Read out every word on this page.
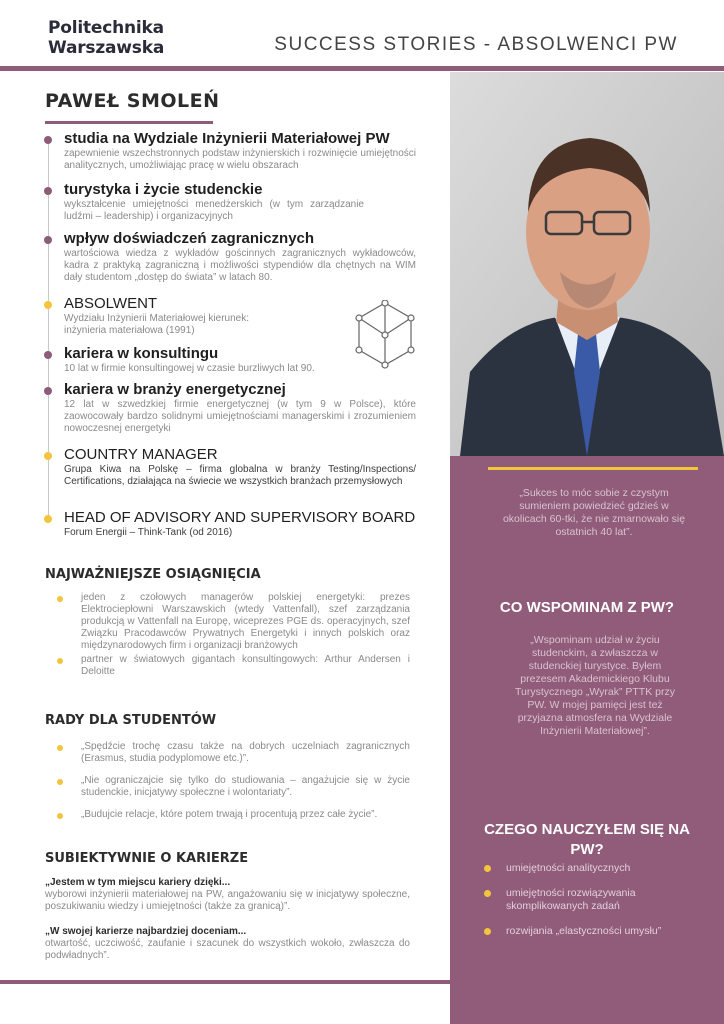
Politechnika
Warszawska	SUCCESS STORIES - ABSOLWENCI PW
„Sukces to móc sobie z czystym sumieniem powiedzieć gdzieś w okolicach 60-tki, że nie zmarnowało się ostatnich 40 lat”.
CO WSPOMINAM Z PW?
„Wspominam udział w życiu studenckim, a zwłaszcza w studenckiej turystyce. Byłem prezesem Akademickiego Klubu Turystycznego „Wyrak” PTTK przy PW. W mojej pamięci jest też przyjazna atmosfera na Wydziale Inżynierii Materiałowej”.
CZEGO NAUCZYŁEM SIĘ NA PW?
umiejętności analitycznych
umiejętności rozwiązywania skomplikowanych zadań
rozwijania „elastyczności umysłu”
PAWEŁ SMOLEŃ
studia na Wydziale Inżynierii Materiałowej PW
zapewnienie wszechstronnych podstaw inżynierskich i rozwinięcie umiejętności analitycznych, umożliwiając pracę w wielu obszarach
turystyka i życie studenckie
wykształcenie umiejętności menedżerskich (w tym zarządzanie ludźmi – leadership) i organizacyjnych
wpływ doświadczeń zagranicznych
wartościowa wiedza z wykładów gościnnych zagranicznych wykładowców, kadra z praktyką zagraniczną i możliwości stypendiów dla chętnych na WIM dały studentom „dostęp do świata” w latach 80.
ABSOLWENT
Wydziału Inżynierii Materiałowej kierunek: inżynieria materiałowa (1991)
kariera w konsultingu
10 lat w firmie konsultingowej w czasie burzliwych lat 90.
kariera w branży energetycznej
12 lat w szwedzkiej firmie energetycznej (w tym 9 w Polsce), które zaowocowały bardzo solidnymi umiejętnościami managerskimi i zrozumieniem nowoczesnej energetyki
COUNTRY MANAGER
Grupa Kiwa na Polskę – firma globalna w branży Testing/Inspections/ Certifications, działająca na świecie we wszystkich branżach przemysłowych
HEAD OF ADVISORY AND SUPERVISORY BOARD
Forum Energii – Think-Tank (od 2016)
NAJWAŻNIEJSZE OSIĄGNIĘCIA
jeden z czołowych managerów polskiej energetyki: prezes Elektrociepłowni Warszawskich (wtedy Vattenfall), szef zarządzania produkcją w Vattenfall na Europę, wiceprezes PGE ds. operacyjnych, szef Związku Pracodawców Prywatnych Energetyki i innych polskich oraz międzynarodowych firm i organizacji branżowych
partner w światowych gigantach konsultingowych: Arthur Andersen i Deloitte
RADY DLA STUDENTÓW
„Spędźcie trochę czasu także na dobrych uczelniach zagranicznych (Erasmus, studia podyplomowe etc.)”.
„Nie ograniczajcie się tylko do studiowania – angażujcie się w życie studenckie, inicjatywy społeczne i wolontariaty”.
„Budujcie relacje, które potem trwają i procentują przez całe życie”.
SUBIEKTYWNIE O KARIERZE
„Jestem w tym miejscu kariery dzięki...
wyborowi inżynierii materiałowej na PW, angażowaniu się w inicjatywy społeczne, poszukiwaniu wiedzy i umiejętności (także za granicą)”.
„W swojej karierze najbardziej doceniam...
otwartość, uczciwość, zaufanie i szacunek do wszystkich wokoło, zwłaszcza do podwładnych”.
